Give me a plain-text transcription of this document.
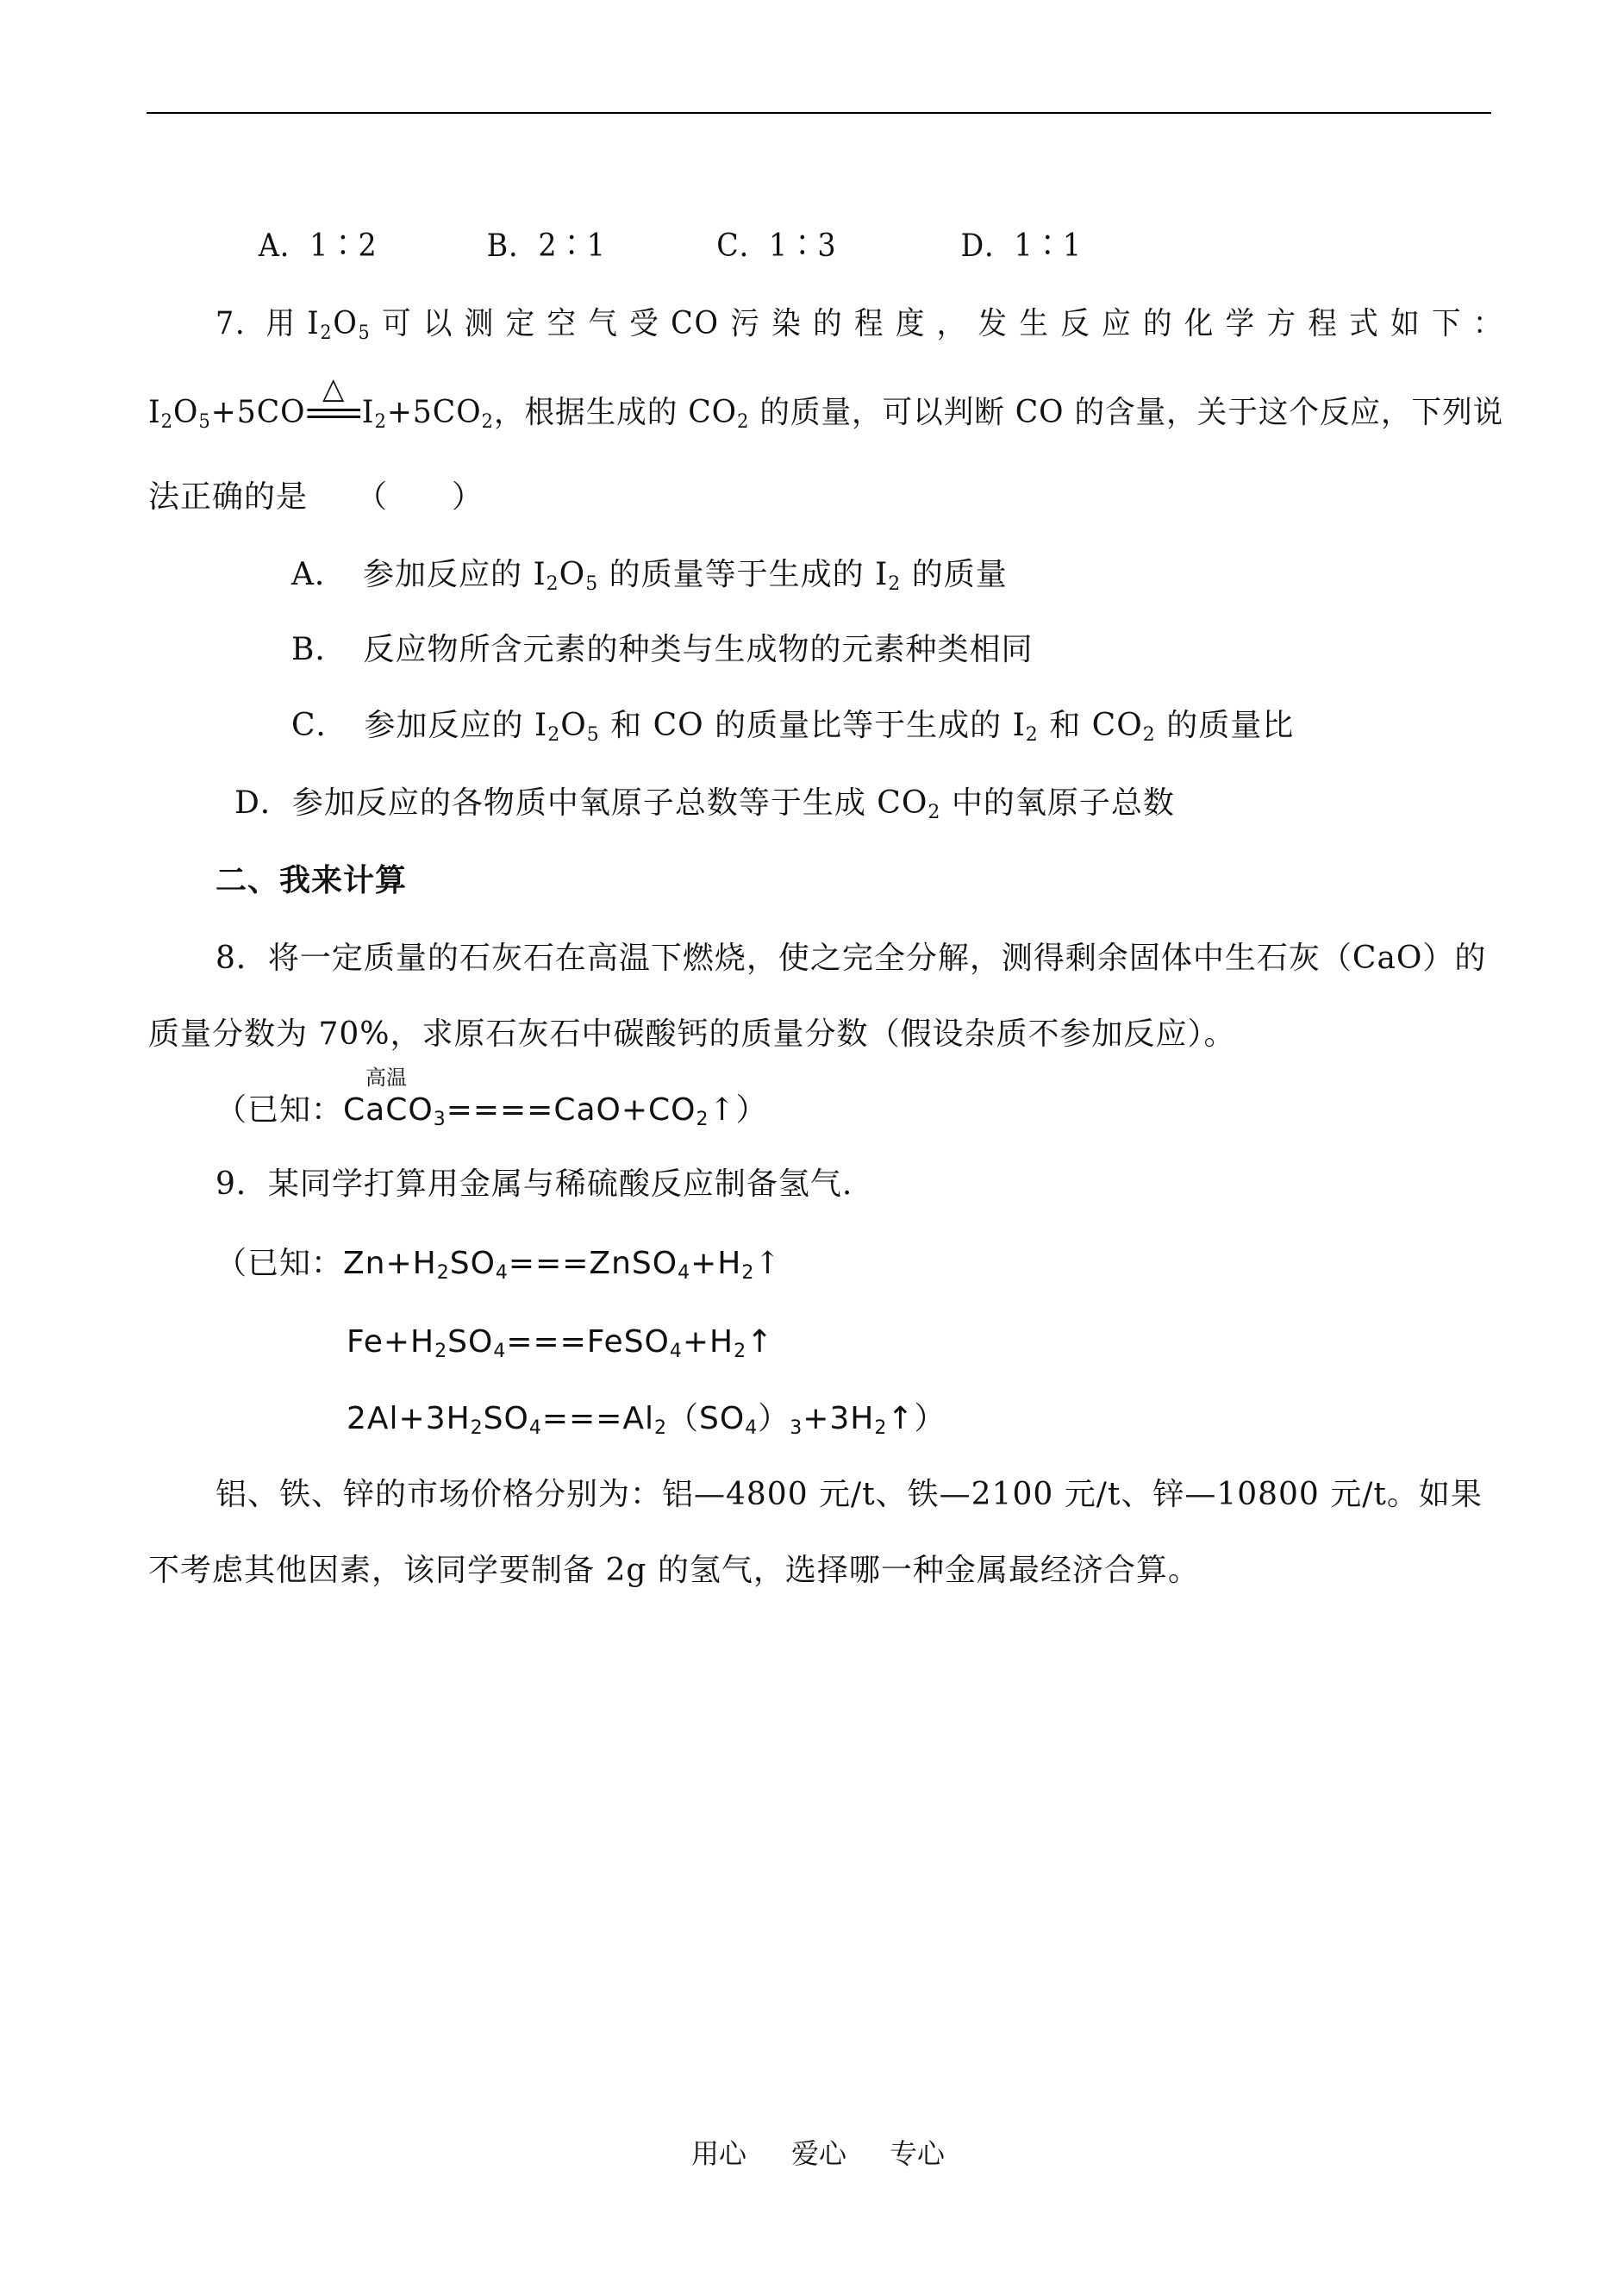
A．1∶2	B．2∶1	C．1∶3	D．1∶1
7．用 $I_2O_5$ 可 以 测 定 空 气 受 CO 污 染 的 程 度 ， 发 生 反 应 的 化 学 方 程 式 如 下 ：
$I_2O_5+5CO$
△
$I_2+5CO_2$，根据生成的 $CO_2$ 的质量，可以判断 CO 的含量，关于这个反应，下列说
法正确的是　　（　　）
A．　参加反应的 $I_2O_5$ 的质量等于生成的 $I_2$ 的质量
B．　反应物所含元素的种类与生成物的元素种类相同
C．　参加反应的 $I_2O_5$ 和 CO 的质量比等于生成的 $I_2$ 和 $CO_2$ 的质量比
D．参加反应的各物质中氧原子总数等于生成 $CO_2$ 中的氧原子总数
二、我来计算
8．将一定质量的石灰石在高温下燃烧，使之完全分解，测得剩余固体中生石灰（CaO）的
质量分数为 70%，求原石灰石中碳酸钙的质量分数（假设杂质不参加反应）。
高温
（已知：$CaCO_3====CaO+CO_2↑$）
9．某同学打算用金属与稀硫酸反应制备氢气.
（已知：$Zn+H_2SO_4===ZnSO_4+H_2↑$
$Fe+H_2SO_4===FeSO_4+H_2↑$
$2Al+3H_2SO_4===Al_2(SO_4)_3+3H_2↑$）
铝、铁、锌的市场价格分别为：铝—4800 元/t、铁—2100 元/t、锌—10800 元/t。如果
不考虑其他因素，该同学要制备 2g 的氢气，选择哪一种金属最经济合算。
用心 爱心 专心
